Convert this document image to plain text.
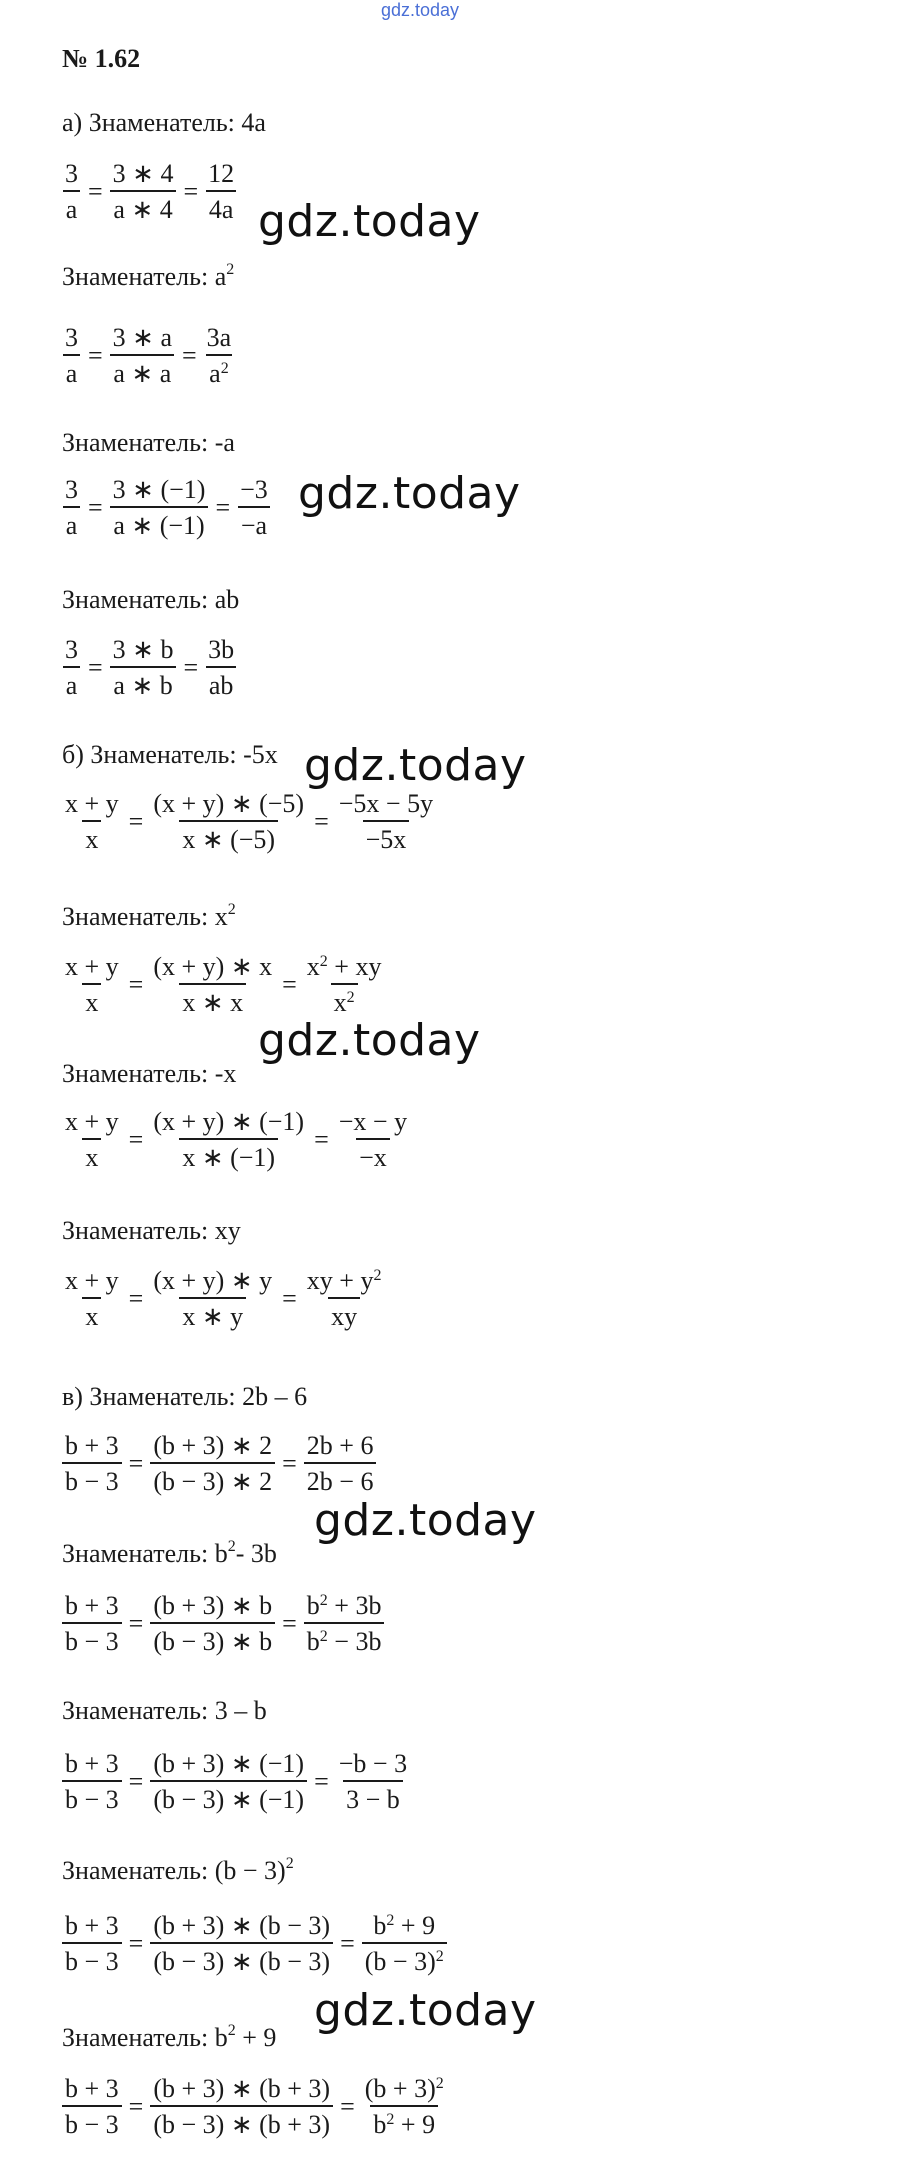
gdz.today
№ 1.62
а) Знаменатель: 4a
$\frac{3}{a} = \frac{3 ∗ 4}{a ∗ 4} = \frac{12}{4a}$
Знаменатель: $a^2$
$\frac{3}{a} = \frac{3 ∗ a}{a ∗ a} = \frac{3a}{a^2}$
Знаменатель: -a
$\frac{3}{a} = \frac{3 ∗ (-1)}{a ∗ (-1)} = \frac{-3}{-a}$
Знаменатель: ab
$\frac{3}{a} = \frac{3 ∗ b}{a ∗ b} = \frac{3b}{ab}$
б) Знаменатель: -5x
$\frac{x + y}{x} = \frac{(x + y) ∗ (-5)}{x ∗ (-5)} = \frac{-5x - 5y}{-5x}$
Знаменатель: $x^2$
$\frac{x + y}{x} = \frac{(x + y) ∗ x}{x ∗ x} = \frac{x^2 + xy}{x^2}$
Знаменатель: -x
$\frac{x + y}{x} = \frac{(x + y) ∗ (-1)}{x ∗ (-1)} = \frac{-x - y}{-x}$
Знаменатель: xy
$\frac{x + y}{x} = \frac{(x + y) ∗ y}{x ∗ y} = \frac{xy + y^2}{xy}$
в) Знаменатель: 2b – 6
$\frac{b + 3}{b - 3} = \frac{(b + 3) ∗ 2}{(b - 3) ∗ 2} = \frac{2b + 6}{2b - 6}$
Знаменатель: $b^2-$ 3b
$\frac{b + 3}{b - 3} = \frac{(b + 3) ∗ b}{(b - 3) ∗ b} = \frac{b^2 + 3b}{b^2 - 3b}$
Знаменатель: 3 – b
$\frac{b + 3}{b - 3} = \frac{(b + 3) ∗ (-1)}{(b - 3) ∗ (-1)} = \frac{-b - 3}{3 - b}$
Знаменатель: $(b - 3)^2$
$\frac{b + 3}{b - 3} = \frac{(b + 3) ∗ (b - 3)}{(b - 3) ∗ (b - 3)} = \frac{b^2 + 9}{(b - 3)^2}$
Знаменатель: $b^2 + 9$
$\frac{b + 3}{b - 3} = \frac{(b + 3) ∗ (b + 3)}{(b - 3) ∗ (b + 3)} = \frac{(b + 3)^2}{b^2 + 9}$
gdz.today
gdz.today
gdz.today
gdz.today
gdz.today
gdz.today
